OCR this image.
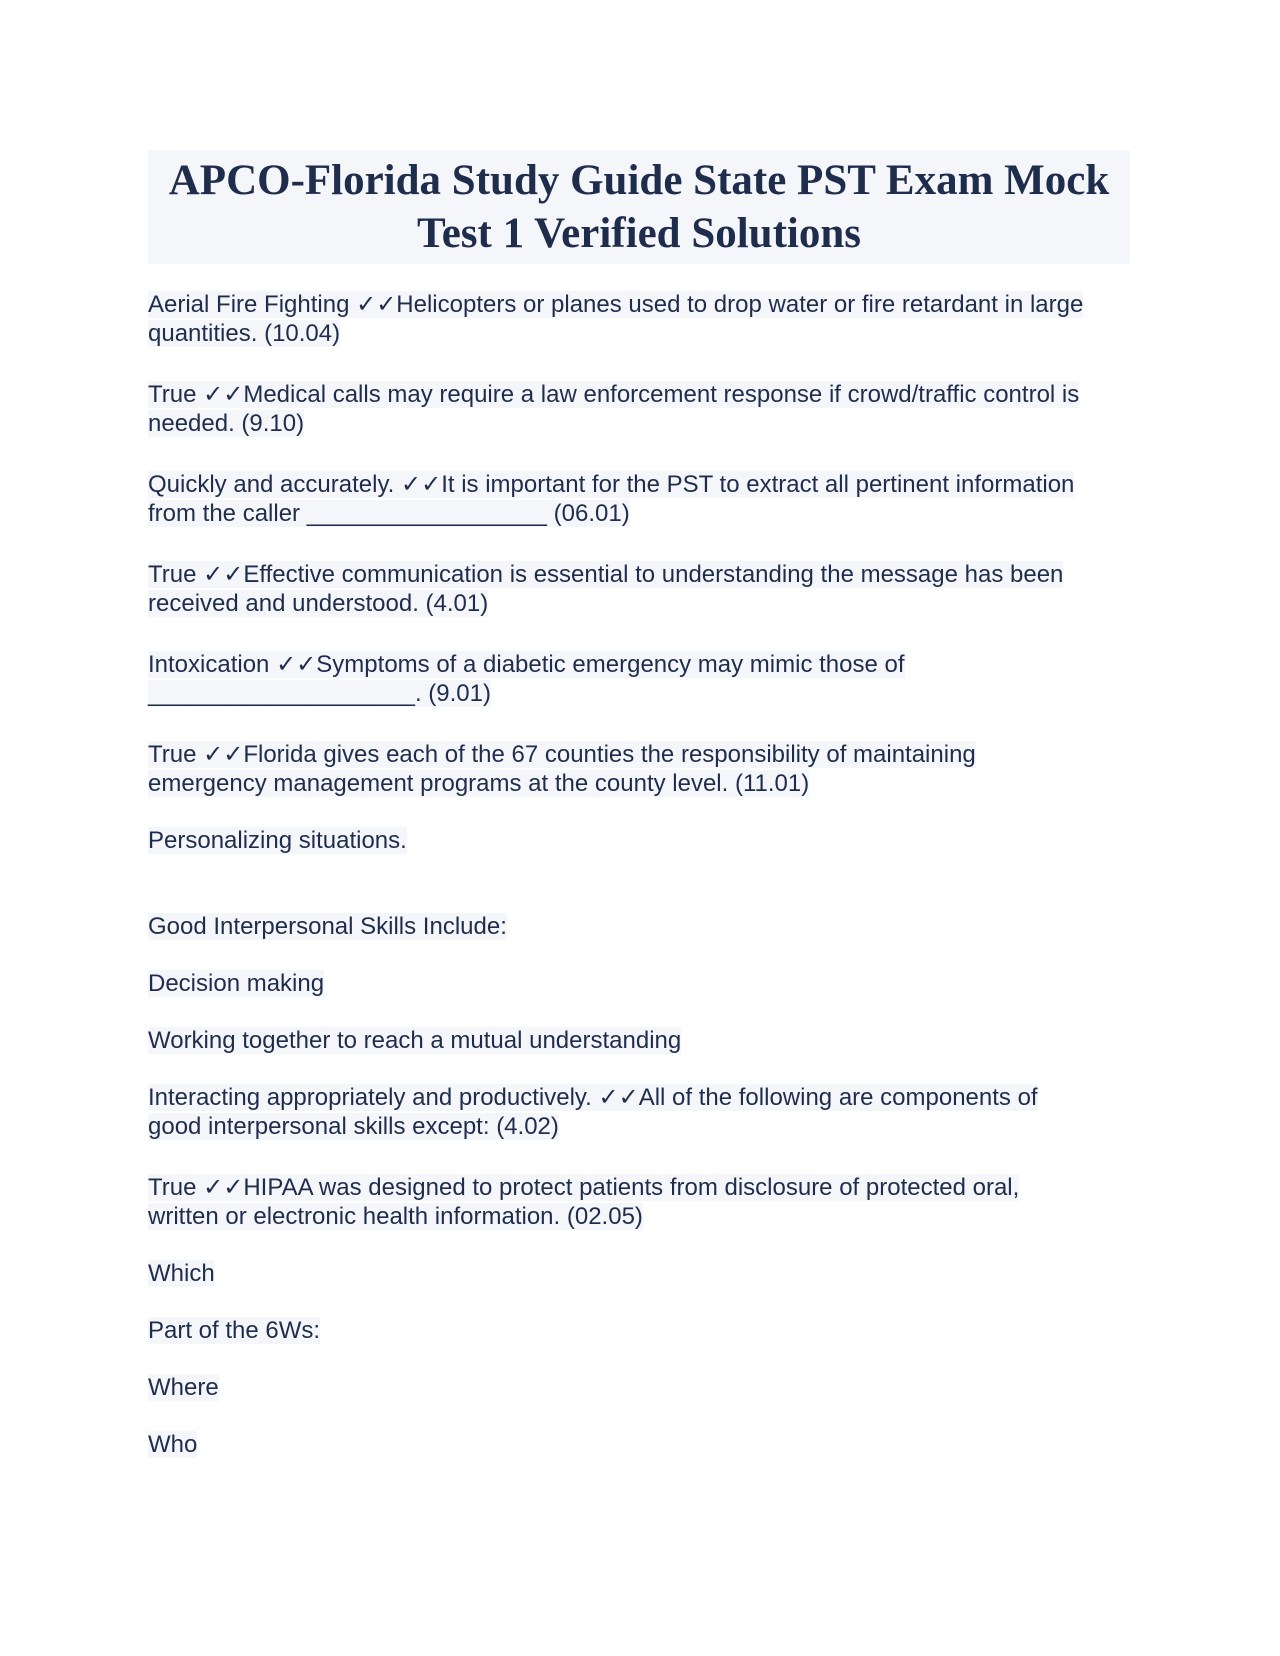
APCO-Florida Study Guide State PST Exam Mock
Test 1 Verified Solutions

Aerial Fire Fighting ✓✓Helicopters or planes used to drop water or fire retardant in large
quantities. (10.04)

True ✓✓Medical calls may require a law enforcement response if crowd/traffic control is
needed. (9.10)

Quickly and accurately. ✓✓It is important for the PST to extract all pertinent information
from the caller __________________ (06.01)

True ✓✓Effective communication is essential to understanding the message has been
received and understood. (4.01)

Intoxication ✓✓Symptoms of a diabetic emergency may mimic those of
____________________. (9.01)

True ✓✓Florida gives each of the 67 counties the responsibility of maintaining
emergency management programs at the county level. (11.01)

Personalizing situations.

Good Interpersonal Skills Include:

Decision making

Working together to reach a mutual understanding

Interacting appropriately and productively. ✓✓All of the following are components of
good interpersonal skills except: (4.02)

True ✓✓HIPAA was designed to protect patients from disclosure of protected oral,
written or electronic health information. (02.05)

Which

Part of the 6Ws:

Where

Who
